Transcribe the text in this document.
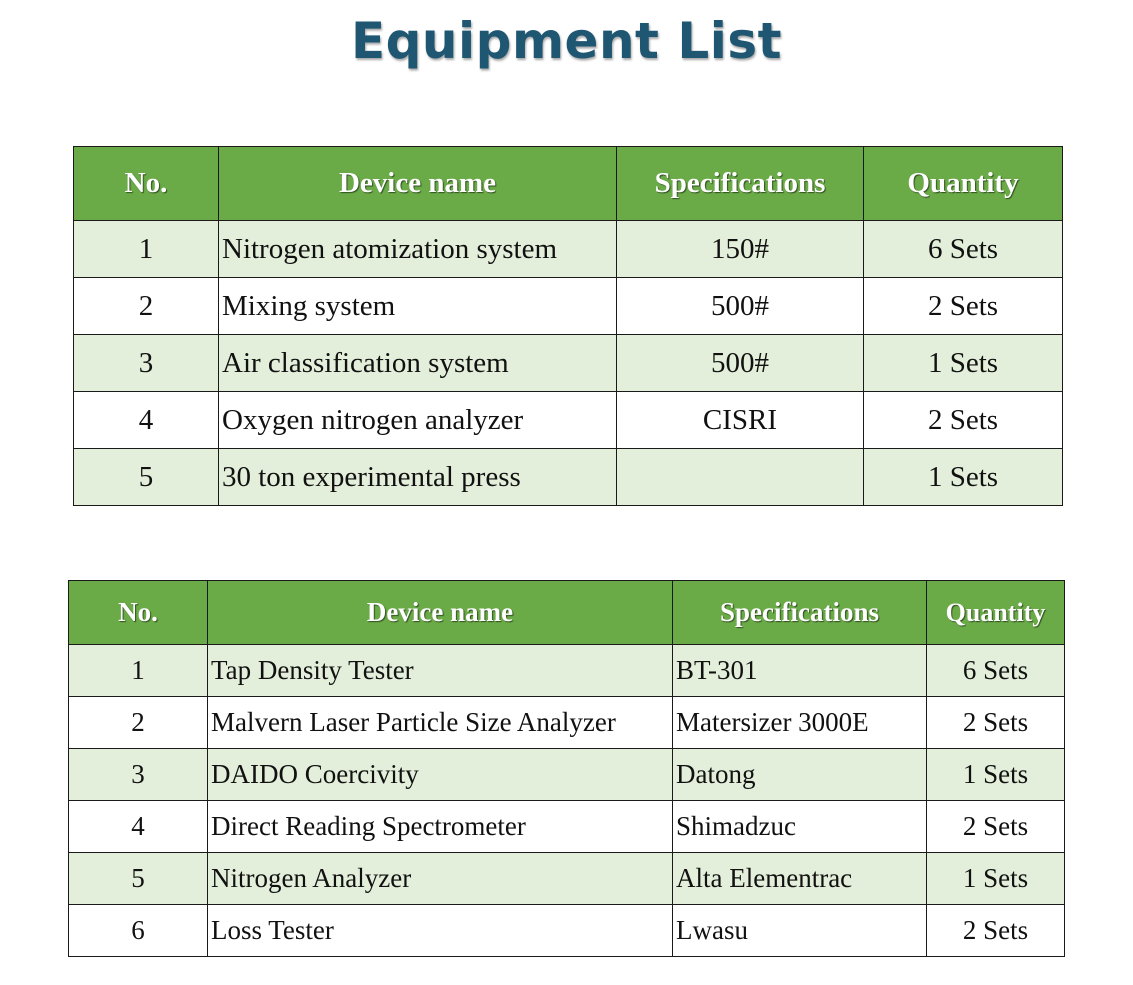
Equipment List
No.	Device name	Specifications	Quantity
1	Nitrogen atomization system	150#	6 Sets
2	Mixing system	500#	2 Sets
3	Air classification system	500#	1 Sets
4	Oxygen nitrogen analyzer	CISRI	2 Sets
5	30 ton experimental press		1 Sets
No.	Device name	Specifications	Quantity
1	Tap Density Tester	BT-301	6 Sets
2	Malvern Laser Particle Size Analyzer	Matersizer 3000E	2 Sets
3	DAIDO Coercivity	Datong	1 Sets
4	Direct Reading Spectrometer	Shimadzuc	2 Sets
5	Nitrogen Analyzer	Alta Elementrac	1 Sets
6	Loss Tester	Lwasu	2 Sets
